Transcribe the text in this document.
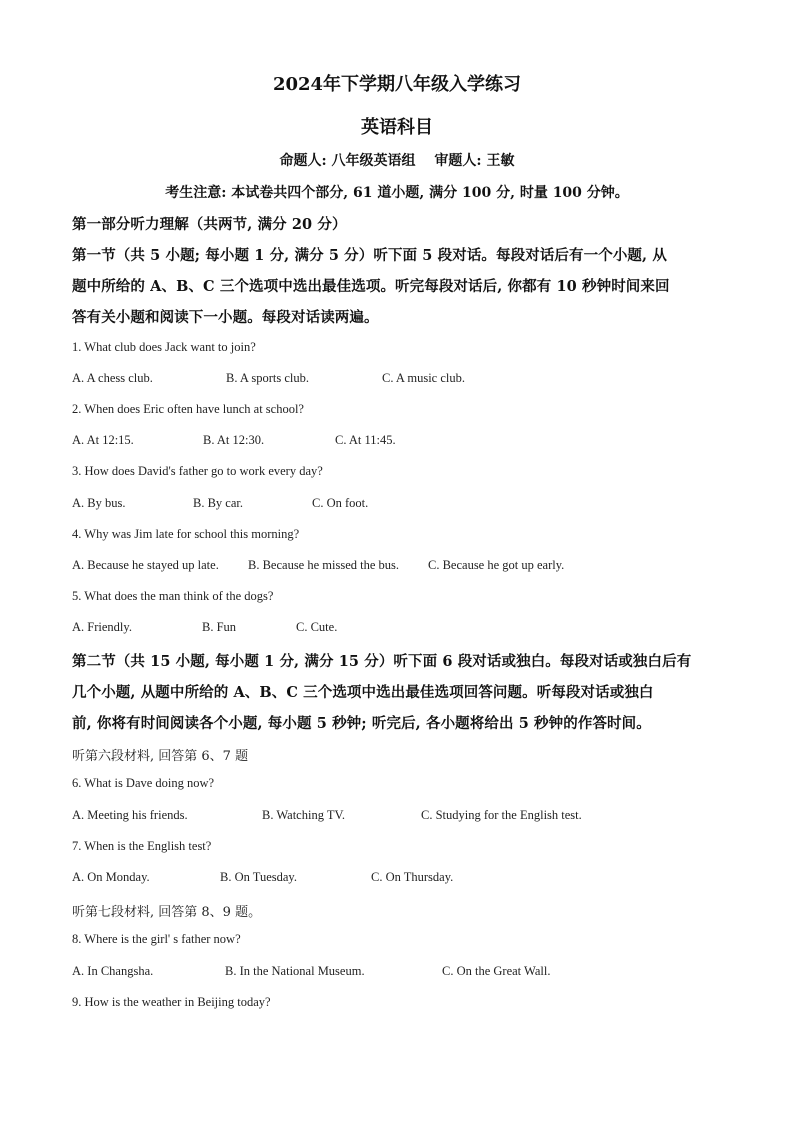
2024年下学期八年级入学练习
英语科目
命题人: 八年级英语组　 审题人: 王敏
考生注意: 本试卷共四个部分, 61 道小题, 满分 100 分, 时量 100 分钟。
第一部分听力理解（共两节, 满分 20 分）
第一节（共 5 小题; 每小题 1 分, 满分 5 分）听下面 5 段对话。每段对话后有一个小题, 从
题中所给的 A、B、C 三个选项中选出最佳选项。听完每段对话后, 你都有 10 秒钟时间来回
答有关小题和阅读下一小题。每段对话读两遍。
1. What club does Jack want to join?
A. A chess club.	B. A sports club.	C. A music club.
2. When does Eric often have lunch at school?
A. At 12:15.	B. At 12:30.	C. At 11:45.
3. How does David's father go to work every day?
A. By bus.	B. By car.	C. On foot.
4. Why was Jim late for school this morning?
A. Because he stayed up late. B. Because he missed the bus. C. Because he got up early.
5. What does the man think of the dogs?
A. Friendly.	B. Fun	C. Cute.
第二节（共 15 小题, 每小题 1 分, 满分 15 分）听下面 6 段对话或独白。每段对话或独白后有
几个小题, 从题中所给的 A、B、C 三个选项中选出最佳选项回答问题。听每段对话或独白
前, 你将有时间阅读各个小题, 每小题 5 秒钟; 听完后, 各小题将给出 5 秒钟的作答时间。
听第六段材料, 回答第 6、7 题
6. What is Dave doing now?
A. Meeting his friends.	B. Watching TV.	C. Studying for the English test.
7. When is the English test?
A. On Monday.	B. On Tuesday.	C. On Thursday.
听第七段材料, 回答第 8、9 题。
8. Where is the girl' s father now?
A. In Changsha.	B. In the National Museum.	C. On the Great Wall.
9. How is the weather in Beijing today?
